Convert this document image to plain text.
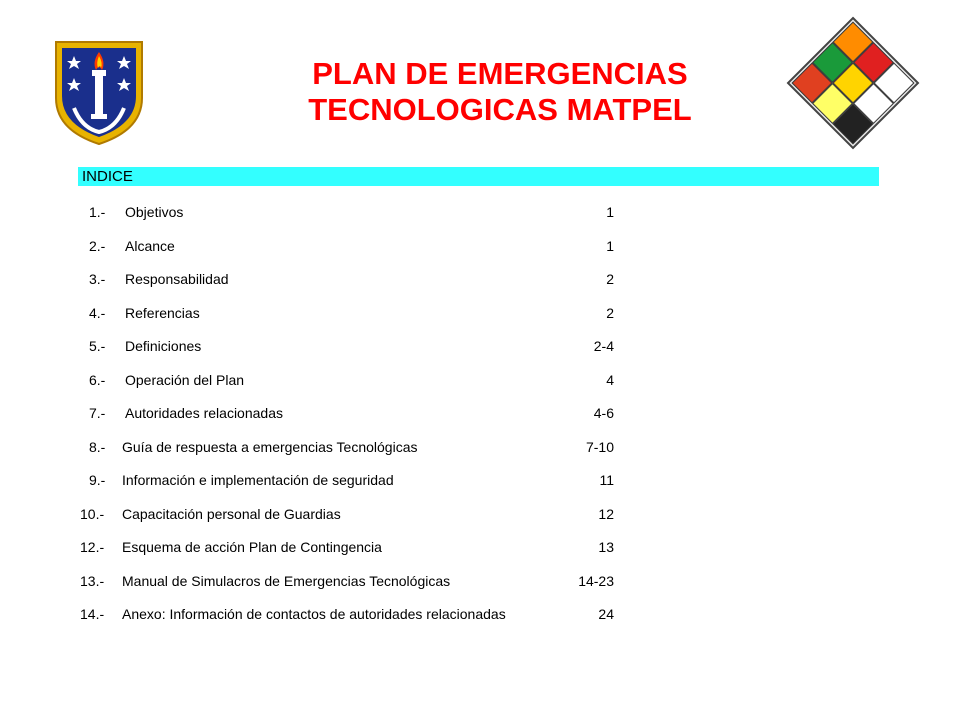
PLAN DE EMERGENCIAS
TECNOLOGICAS MATPEL
INDICE
1.- Objetivos	1
2.- Alcance	1
3.- Responsabilidad	2
4.- Referencias	2
5.- Definiciones	2-4
6.- Operación del Plan	4
7.- Autoridades relacionadas	4-6
8.- Guía de respuesta a emergencias Tecnológicas	7-10
9.- Información e implementación de seguridad	11
10.- Capacitación personal de Guardias	12
12.- Esquema de acción Plan de Contingencia	13
13.- Manual de Simulacros de Emergencias Tecnológicas	14-23
14.- Anexo: Información de contactos de autoridades relacionadas	24
